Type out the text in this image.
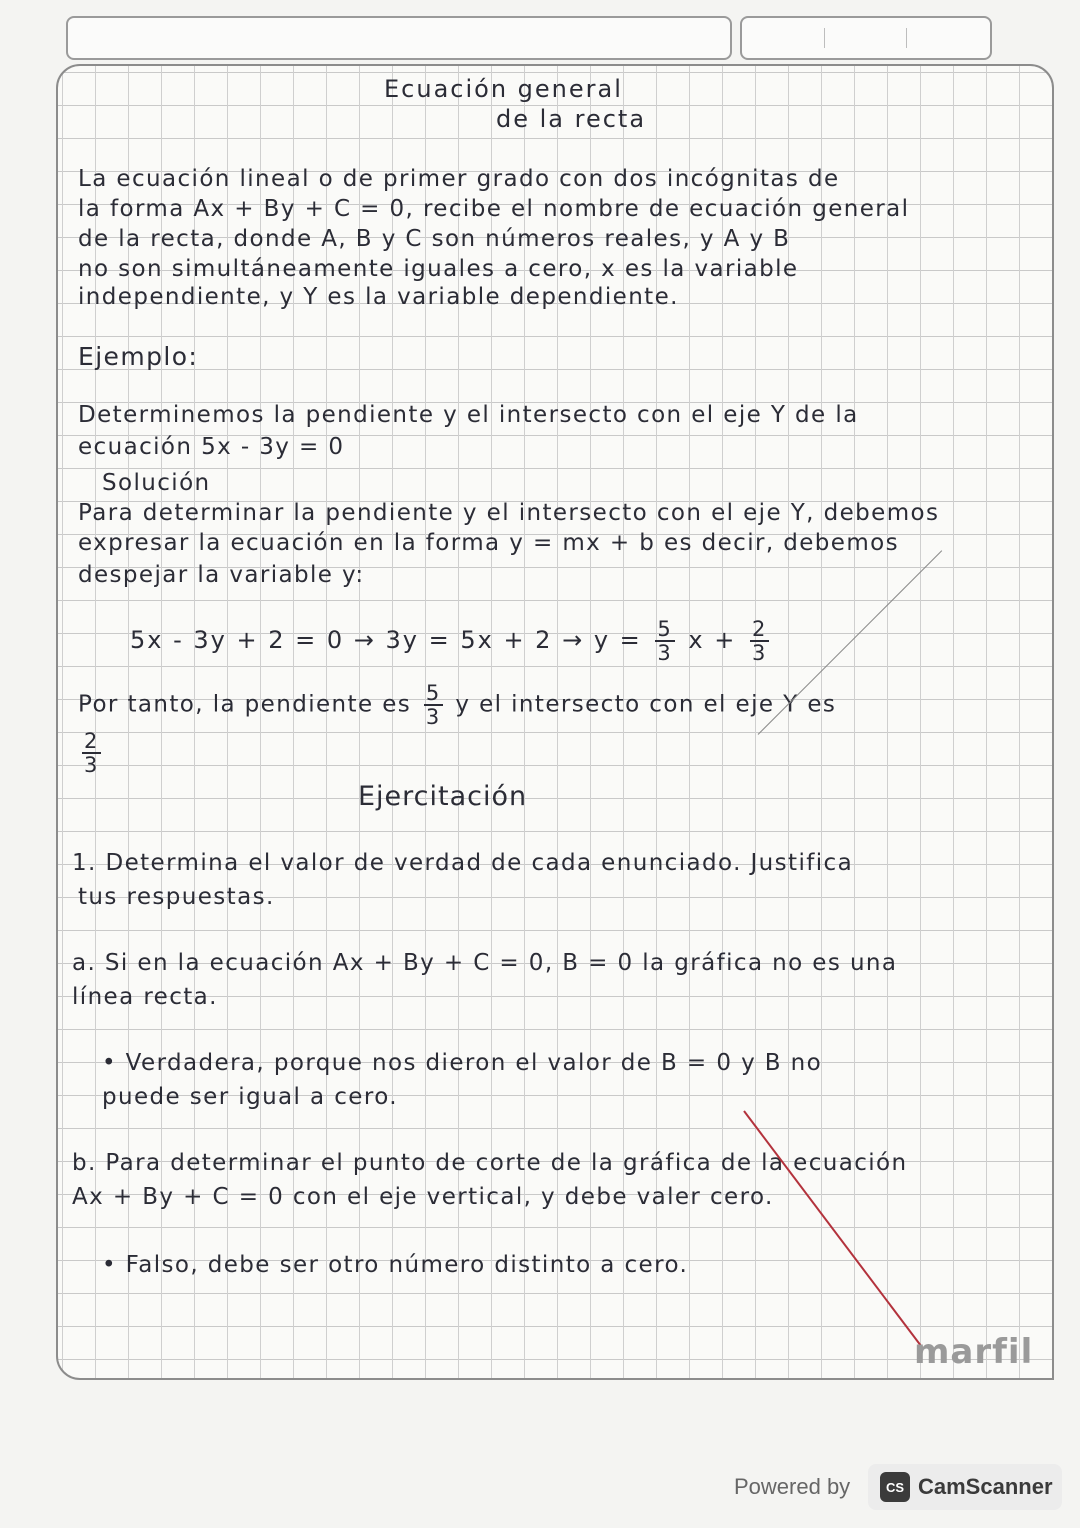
Ecuación general
de la recta
La ecuación lineal o de primer grado con dos incógnitas de
la forma Ax + By + C = 0, recibe el nombre de ecuación general
de la recta, donde A, B y C son números reales, y A y B
no son simultáneamente iguales a cero, x es la variable
independiente, y Y es la variable dependiente.
Ejemplo:
Determinemos la pendiente y el intersecto con el eje Y de la
ecuación 5x - 3y = 0
Solución
Para determinar la pendiente y el intersecto con el eje Y, debemos
expresar la ecuación en la forma y = mx + b es decir, debemos
despejar la variable y:
$5x - 3y + 2 = 0 \to 3y = 5x + 2 \to y = \frac{5}{3}$ $x + \frac{2}{3}$
Por tanto, la pendiente es $\frac{5}{3}$ y el intersecto con el eje Y es
$\frac{2}{3}$
Ejercitación
1. Determina el valor de verdad de cada enunciado. Justifica
tus respuestas.
a. Si en la ecuación Ax + By + C = 0, B = 0 la gráfica no es una
línea recta.
• Verdadera, porque nos dieron el valor de B = 0 y B no
puede ser igual a cero.
b. Para determinar el punto de corte de la gráfica de la ecuación
Ax + By + C = 0 con el eje vertical, y debe valer cero.
• Falso, debe ser otro número distinto a cero.
marfil
Powered by	CS CamScanner
